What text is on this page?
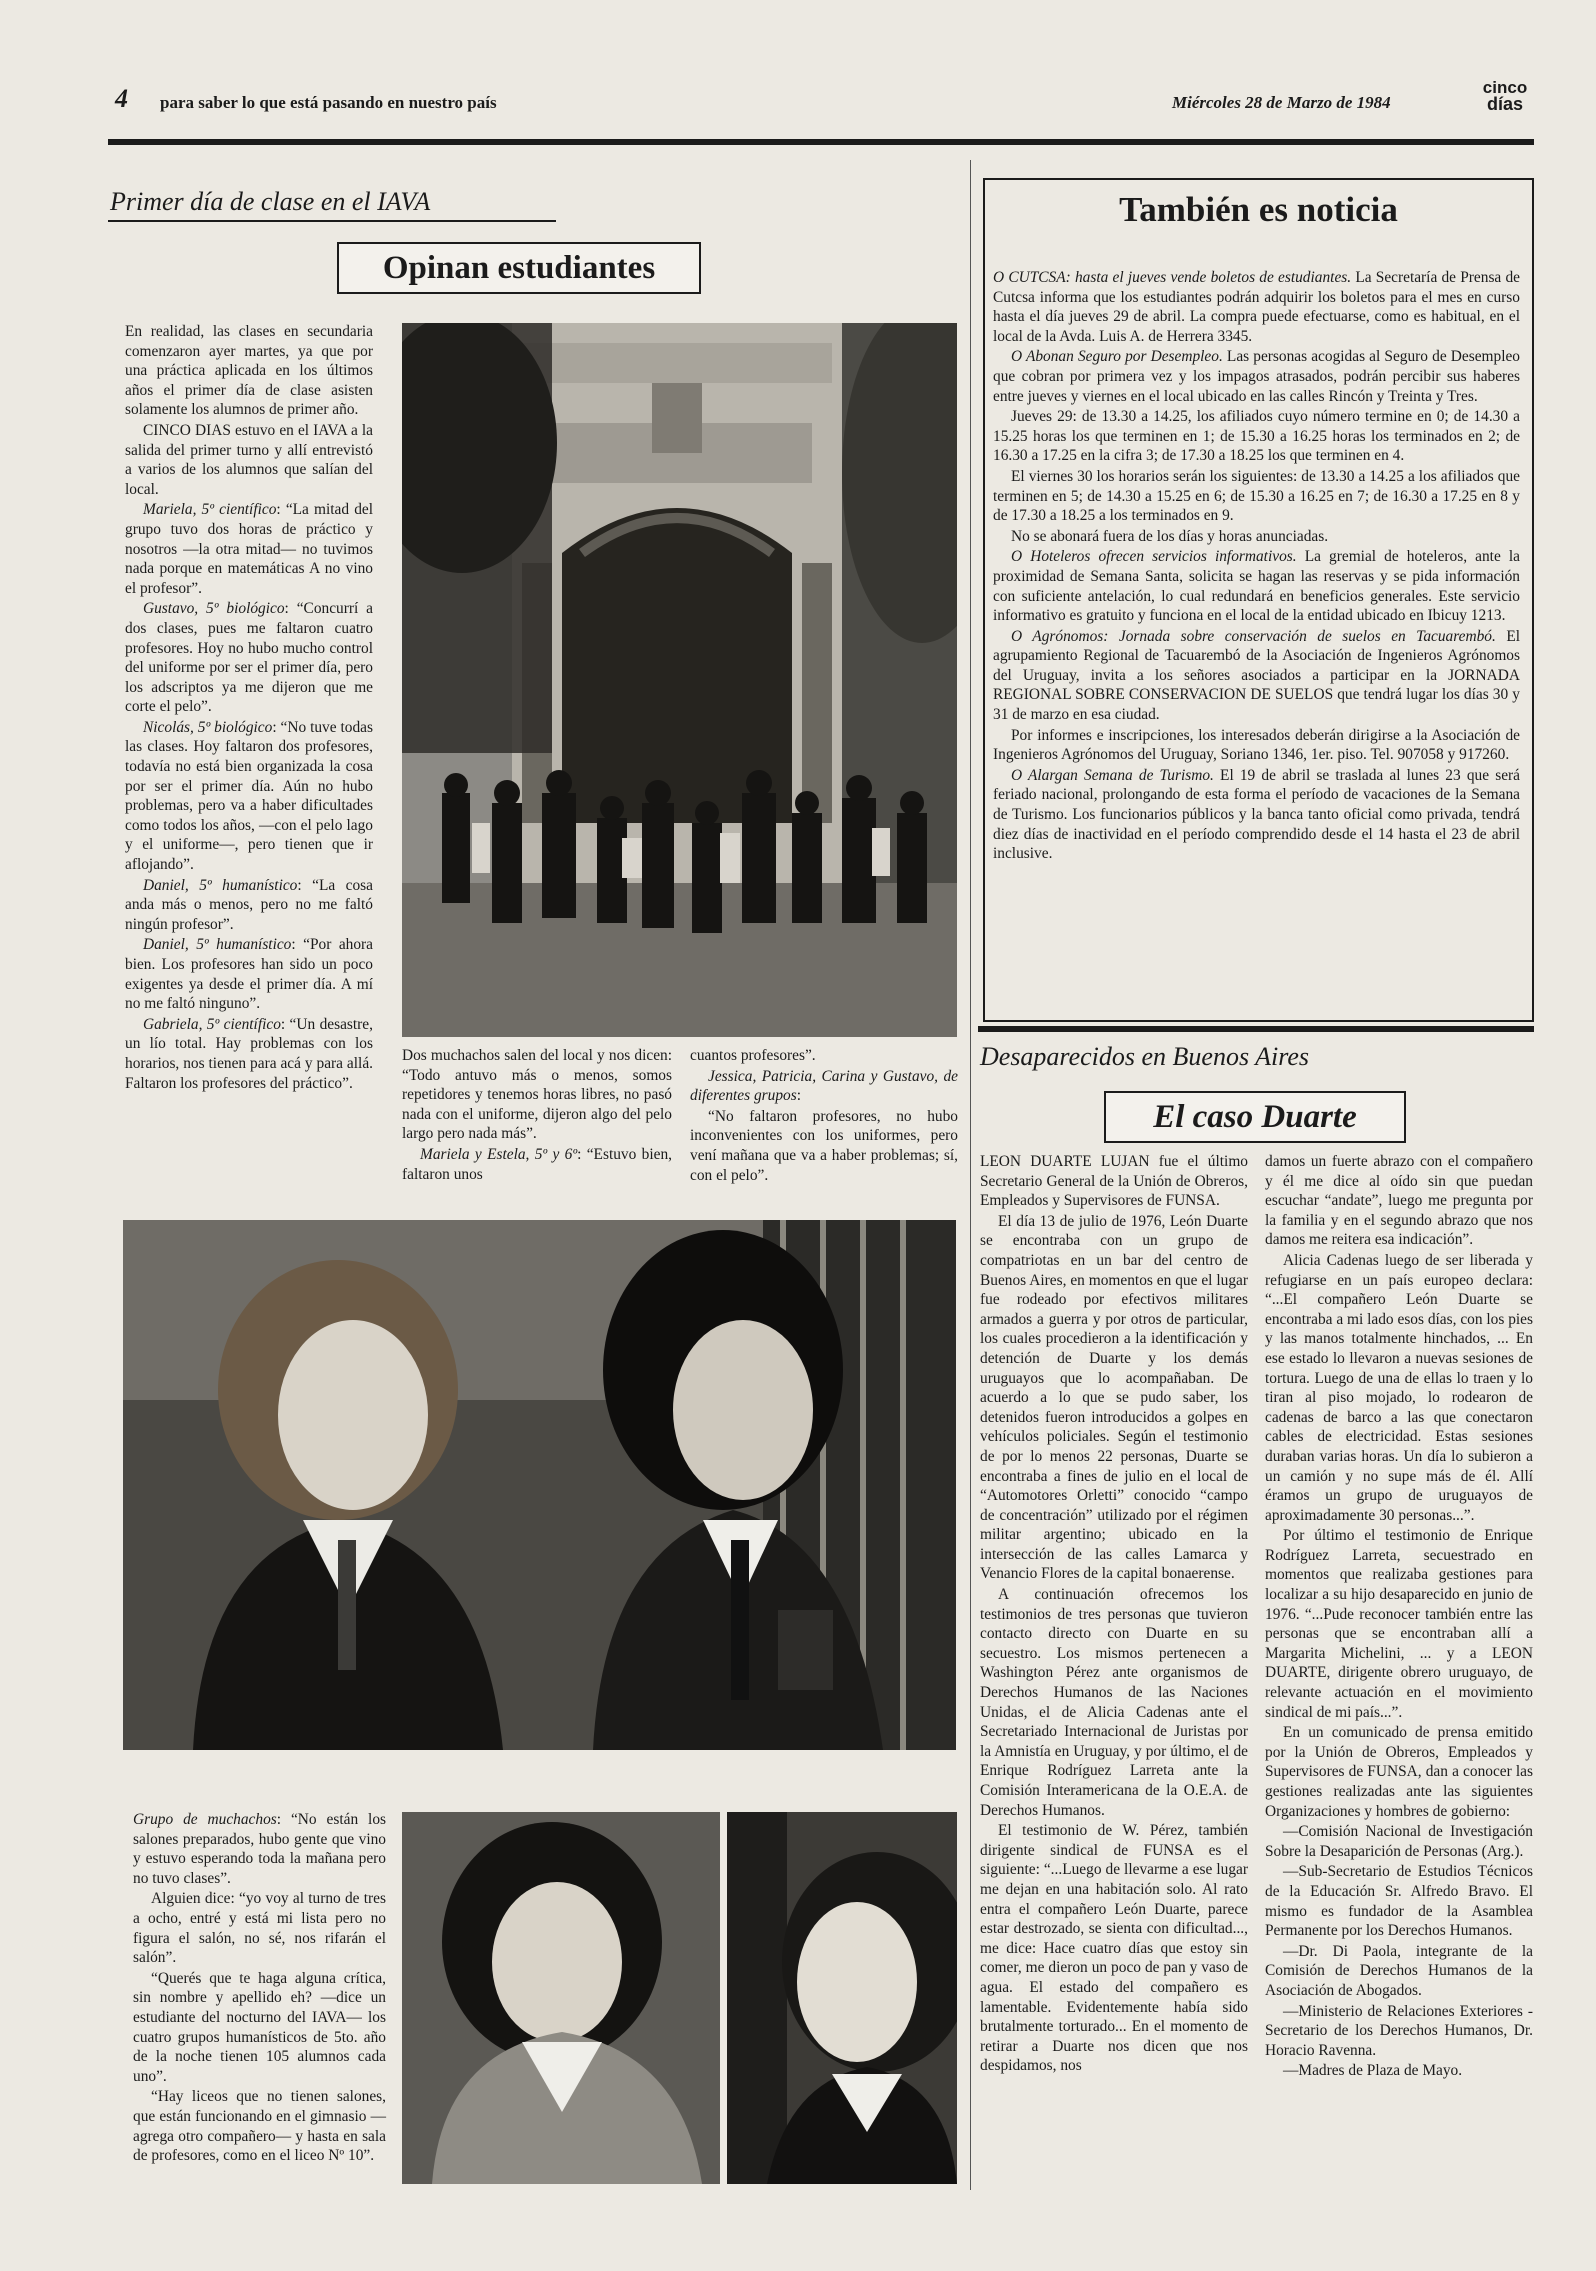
4 para saber lo que está pasando en nuestro país	Miércoles 28 de Marzo de 1984
cinco
días
Primer día de clase en el IAVA
Opinan estudiantes

En realidad, las clases en secundaria comenzaron ayer martes, ya que por una práctica aplicada en los últimos años el primer día de clase asisten solamente los alumnos de primer año.

CINCO DIAS estuvo en el IAVA a la salida del primer turno y allí entrevistó a varios de los alumnos que salían del local.

Mariela, 5º científico: “La mitad del grupo tuvo dos horas de práctico y nosotros —la otra mitad— no tuvimos nada porque en matemáticas A no vino el profesor”.

Gustavo, 5º biológico: “Concurrí a dos clases, pues me faltaron cuatro profesores. Hoy no hubo mucho control del uniforme por ser el primer día, pero los adscriptos ya me dijeron que me corte el pelo”.

Nicolás, 5º biológico: “No tuve todas las clases. Hoy faltaron dos profesores, todavía no está bien organizada la cosa por ser el primer día. Aún no hubo problemas, pero va a haber dificultades como todos los años, —con el pelo lago y el uniforme—, pero tienen que ir aflojando”.

Daniel, 5º humanístico: “La cosa anda más o menos, pero no me faltó ningún profesor”.

Daniel, 5º humanístico: “Por ahora bien. Los profesores han sido un poco exigentes ya desde el primer día. A mí no me faltó ninguno”.

Gabriela, 5º científico: “Un desastre, un lío total. Hay problemas con los horarios, nos tienen para acá y para allá. Faltaron los profesores del práctico”.

Dos muchachos salen del local y nos dicen: “Todo antuvo más o menos, somos repetidores y tenemos horas libres, no pasó nada con el uniforme, dijeron algo del pelo largo pero nada más”.

Mariela y Estela, 5º y 6º: “Estuvo bien, faltaron unos

cuantos profesores”.

Jessica, Patricia, Carina y Gustavo, de diferentes grupos:

“No faltaron profesores, no hubo inconvenientes con los uniformes, pero vení mañana que va a haber problemas; sí, con el pelo”.

Grupo de muchachos: “No están los salones preparados, hubo gente que vino y estuvo esperando toda la mañana pero no tuvo clases”.

Alguien dice: “yo voy al turno de tres a ocho, entré y está mi lista pero no figura el salón, no sé, nos rifarán el salón”.

“Querés que te haga alguna crítica, sin nombre y apellido eh? —dice un estudiante del nocturno del IAVA— los cuatro grupos humanísticos de 5to. año de la noche tienen 105 alumnos cada uno”.

“Hay liceos que no tienen salones, que están funcionando en el gimnasio —agrega otro compañero— y hasta en sala de profesores, como en el liceo Nº 10”.

También es noticia

O CUTCSA: hasta el jueves vende boletos de estudiantes. La Secretaría de Prensa de Cutcsa informa que los estudiantes podrán adquirir los boletos para el mes en curso hasta el día jueves 29 de abril. La compra puede efectuarse, como es habitual, en el local de la Avda. Luis A. de Herrera 3345.

O Abonan Seguro por Desempleo. Las personas acogidas al Seguro de Desempleo que cobran por primera vez y los impagos atrasados, podrán percibir sus haberes entre jueves y viernes en el local ubicado en las calles Rincón y Treinta y Tres.

Jueves 29: de 13.30 a 14.25, los afiliados cuyo número termine en 0; de 14.30 a 15.25 horas los que terminen en 1; de 15.30 a 16.25 horas los terminados en 2; de 16.30 a 17.25 en la cifra 3; de 17.30 a 18.25 los que terminen en 4.

El viernes 30 los horarios serán los siguientes: de 13.30 a 14.25 a los afiliados que terminen en 5; de 14.30 a 15.25 en 6; de 15.30 a 16.25 en 7; de 16.30 a 17.25 en 8 y de 17.30 a 18.25 a los terminados en 9.

No se abonará fuera de los días y horas anunciadas.

O Hoteleros ofrecen servicios informativos. La gremial de hoteleros, ante la proximidad de Semana Santa, solicita se hagan las reservas y se pida información con suficiente antelación, lo cual redundará en beneficios generales. Este servicio informativo es gratuito y funciona en el local de la entidad ubicado en Ibicuy 1213.

O Agrónomos: Jornada sobre conservación de suelos en Tacuarembó. El agrupamiento Regional de Tacuarembó de la Asociación de Ingenieros Agrónomos del Uruguay, invita a los señores asociados a participar en la JORNADA REGIONAL SOBRE CONSERVACION DE SUELOS que tendrá lugar los días 30 y 31 de marzo en esa ciudad.

Por informes e inscripciones, los interesados deberán dirigirse a la Asociación de Ingenieros Agrónomos del Uruguay, Soriano 1346, 1er. piso. Tel. 907058 y 917260.

O Alargan Semana de Turismo. El 19 de abril se traslada al lunes 23 que será feriado nacional, prolongando de esta forma el período de vacaciones de la Semana de Turismo. Los funcionarios públicos y la banca tanto oficial como privada, tendrá diez días de inactividad en el período comprendido desde el 14 hasta el 23 de abril inclusive.

Desaparecidos en Buenos Aires
El caso Duarte

LEON DUARTE LUJAN fue el último Secretario General de la Unión de Obreros, Empleados y Supervisores de FUNSA.

El día 13 de julio de 1976, León Duarte se encontraba con un grupo de compatriotas en un bar del centro de Buenos Aires, en momentos en que el lugar fue rodeado por efectivos militares armados a guerra y por otros de particular, los cuales procedieron a la identificación y detención de Duarte y los demás uruguayos que lo acompañaban. De acuerdo a lo que se pudo saber, los detenidos fueron introducidos a golpes en vehículos policiales. Según el testimonio de por lo menos 22 personas, Duarte se encontraba a fines de julio en el local de “Automotores Orletti” conocido “campo de concentración” utilizado por el régimen militar argentino; ubicado en la intersección de las calles Lamarca y Venancio Flores de la capital bonaerense.

A continuación ofrecemos los testimonios de tres personas que tuvieron contacto directo con Duarte en su secuestro. Los mismos pertenecen a Washington Pérez ante organismos de Derechos Humanos de las Naciones Unidas, el de Alicia Cadenas ante el Secretariado Internacional de Juristas por la Amnistía en Uruguay, y por último, el de Enrique Rodríguez Larreta ante la Comisión Interamericana de la O.E.A. de Derechos Humanos.

El testimonio de W. Pérez, también dirigente sindical de FUNSA es el siguiente: “...Luego de llevarme a ese lugar me dejan en una habitación solo. Al rato entra el compañero León Duarte, parece estar destrozado, se sienta con dificultad..., me dice: Hace cuatro días que estoy sin comer, me dieron un poco de pan y vaso de agua. El estado del compañero es lamentable. Evidentemente había sido brutalmente torturado... En el momento de retirar a Duarte nos dicen que nos despidamos, nos

damos un fuerte abrazo con el compañero y él me dice al oído sin que puedan escuchar “andate”, luego me pregunta por la familia y en el segundo abrazo que nos damos me reitera esa indicación”.

Alicia Cadenas luego de ser liberada y refugiarse en un país europeo declara: “...El compañero León Duarte se encontraba a mi lado esos días, con los pies y las manos totalmente hinchados, ... En ese estado lo llevaron a nuevas sesiones de tortura. Luego de una de ellas lo traen y lo tiran al piso mojado, lo rodearon de cadenas de barco a las que conectaron cables de electricidad. Estas sesiones duraban varias horas. Un día lo subieron a un camión y no supe más de él. Allí éramos un grupo de uruguayos de aproximadamente 30 personas...”.

Por último el testimonio de Enrique Rodríguez Larreta, secuestrado en momentos que realizaba gestiones para localizar a su hijo desaparecido en junio de 1976. “...Pude reconocer también entre las personas que se encontraban allí a Margarita Michelini, ... y a LEON DUARTE, dirigente obrero uruguayo, de relevante actuación en el movimiento sindical de mi país...”.

En un comunicado de prensa emitido por la Unión de Obreros, Empleados y Supervisores de FUNSA, dan a conocer las gestiones realizadas ante las siguientes Organizaciones y hombres de gobierno:

—Comisión Nacional de Investigación Sobre la Desaparición de Personas (Arg.).

—Sub-Secretario de Estudios Técnicos de la Educación Sr. Alfredo Bravo. El mismo es fundador de la Asamblea Permanente por los Derechos Humanos.

—Dr. Di Paola, integrante de la Comisión de Derechos Humanos de la Asociación de Abogados.

—Ministerio de Relaciones Exteriores - Secretario de los Derechos Humanos, Dr. Horacio Ravenna.

—Madres de Plaza de Mayo.
